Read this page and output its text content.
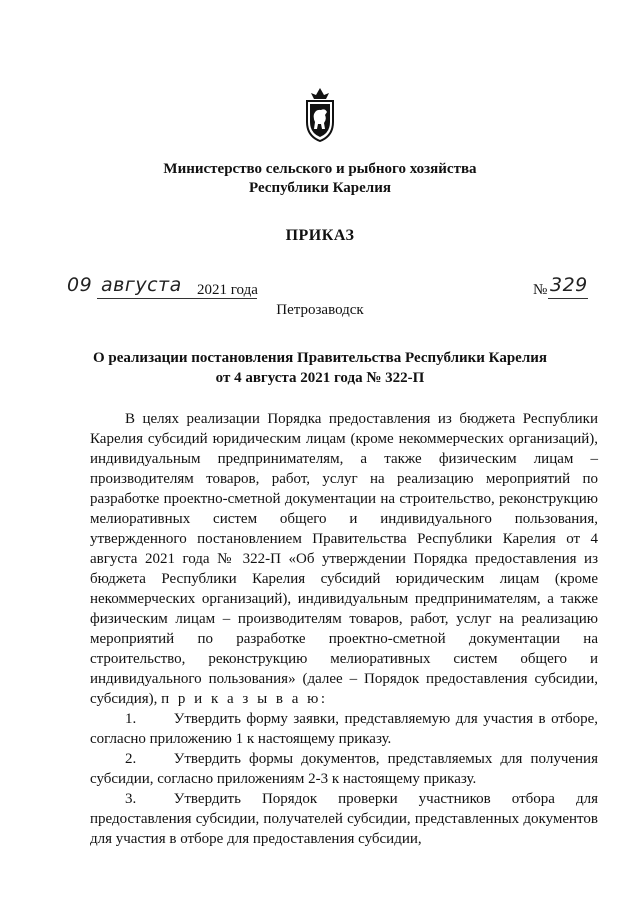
Министерство сельского и рыбного хозяйства
Республики Карелия
ПРИКАЗ
09 августа 2021 года	№ 329
Петрозаводск
О реализации постановления Правительства Республики Карелия
от 4 августа 2021 года № 322-П

В целях реализации Порядка предоставления из бюджета Республики Карелия субсидий юридическим лицам (кроме некоммерческих организаций), индивидуальным предпринимателям, а также физическим лицам – производителям товаров, работ, услуг на реализацию мероприятий по разработке проектно-сметной документации на строительство, реконструкцию мелиоративных систем общего и индивидуального пользования, утвержденного постановлением Правительства Республики Карелия от 4 августа 2021 года № 322-П «Об утверждении Порядка предоставления из бюджета Республики Карелия субсидий юридическим лицам (кроме некоммерческих организаций), индивидуальным предпринимателям, а также физическим лицам – производителям товаров, работ, услуг на реализацию мероприятий по разработке проектно-сметной документации на строительство, реконструкцию мелиоративных систем общего и индивидуального пользования» (далее – Порядок предоставления субсидии, субсидия), п р и к а з ы в а ю:

1.   	Утвердить форму заявки, представляемую для участия в отборе, согласно приложению 1 к настоящему приказу.

2.   	Утвердить формы документов, представляемых для получения субсидии, согласно приложениям 2-3 к настоящему приказу.

3.   	Утвердить Порядок проверки участников отбора для предоставления субсидии, получателей субсидии, представленных документов для участия в отборе для предоставления субсидии,
